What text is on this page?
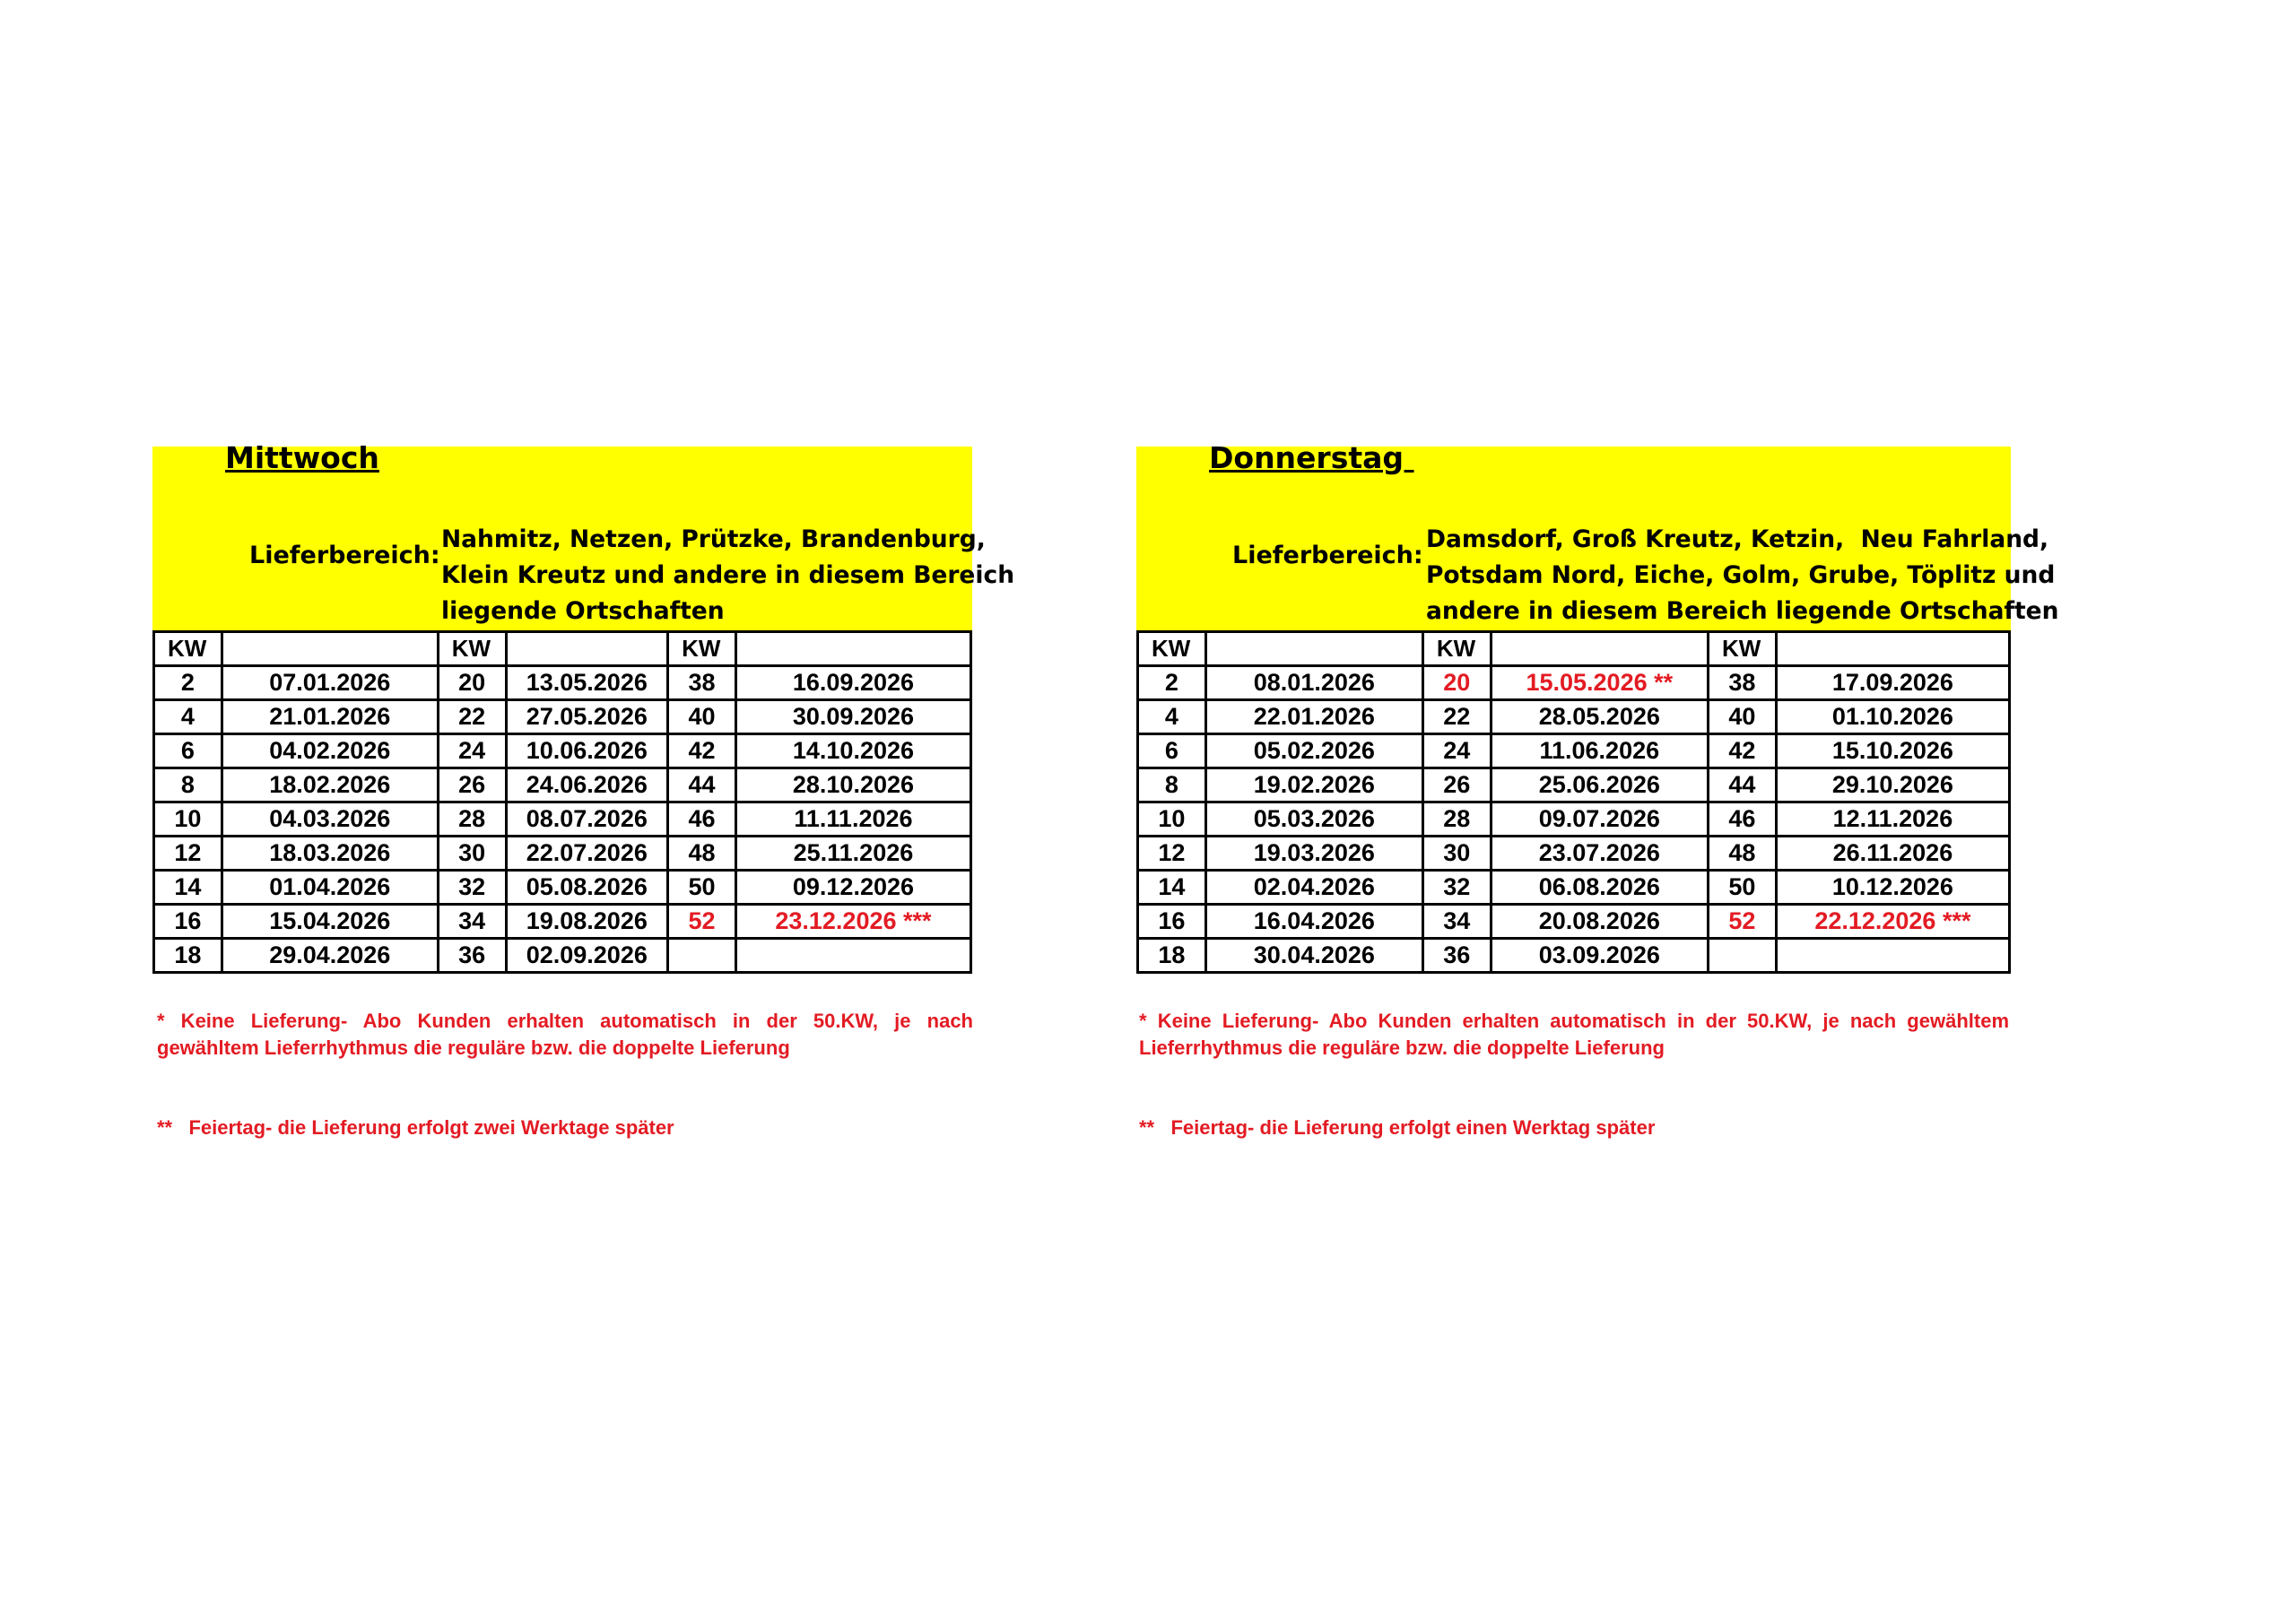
Mittwoch
Lieferbereich:
Nahmitz, Netzen, Prützke, Brandenburg,
Klein Kreutz und andere in diesem Bereich
liegende Ortschaften
KW		KW		KW	
2	07.01.2026	20	13.05.2026	38	16.09.2026
4	21.01.2026	22	27.05.2026	40	30.09.2026
6	04.02.2026	24	10.06.2026	42	14.10.2026
8	18.02.2026	26	24.06.2026	44	28.10.2026
10	04.03.2026	28	08.07.2026	46	11.11.2026
12	18.03.2026	30	22.07.2026	48	25.11.2026
14	01.04.2026	32	05.08.2026	50	09.12.2026
16	15.04.2026	34	19.08.2026	52	23.12.2026 ***
18	29.04.2026	36	02.09.2026		
Donnerstag
Lieferbereich:
Damsdorf, Groß Kreutz, Ketzin,  Neu Fahrland,
Potsdam Nord, Eiche, Golm, Grube, Töplitz und
andere in diesem Bereich liegende Ortschaften
KW		KW		KW	
2	08.01.2026	20	15.05.2026 **	38	17.09.2026
4	22.01.2026	22	28.05.2026	40	01.10.2026
6	05.02.2026	24	11.06.2026	42	15.10.2026
8	19.02.2026	26	25.06.2026	44	29.10.2026
10	05.03.2026	28	09.07.2026	46	12.11.2026
12	19.03.2026	30	23.07.2026	48	26.11.2026
14	02.04.2026	32	06.08.2026	50	10.12.2026
16	16.04.2026	34	20.08.2026	52	22.12.2026 ***
18	30.04.2026	36	03.09.2026		
* Keine Lieferung- Abo Kunden erhalten automatisch in der 50.KW, je nach
gewähltem Lieferrhythmus die reguläre bzw. die doppelte Lieferung
**   Feiertag- die Lieferung erfolgt zwei Werktage später
* Keine Lieferung- Abo Kunden erhalten automatisch in der 50.KW, je nach gewähltem
Lieferrhythmus die reguläre bzw. die doppelte Lieferung
**   Feiertag- die Lieferung erfolgt einen Werktag später
